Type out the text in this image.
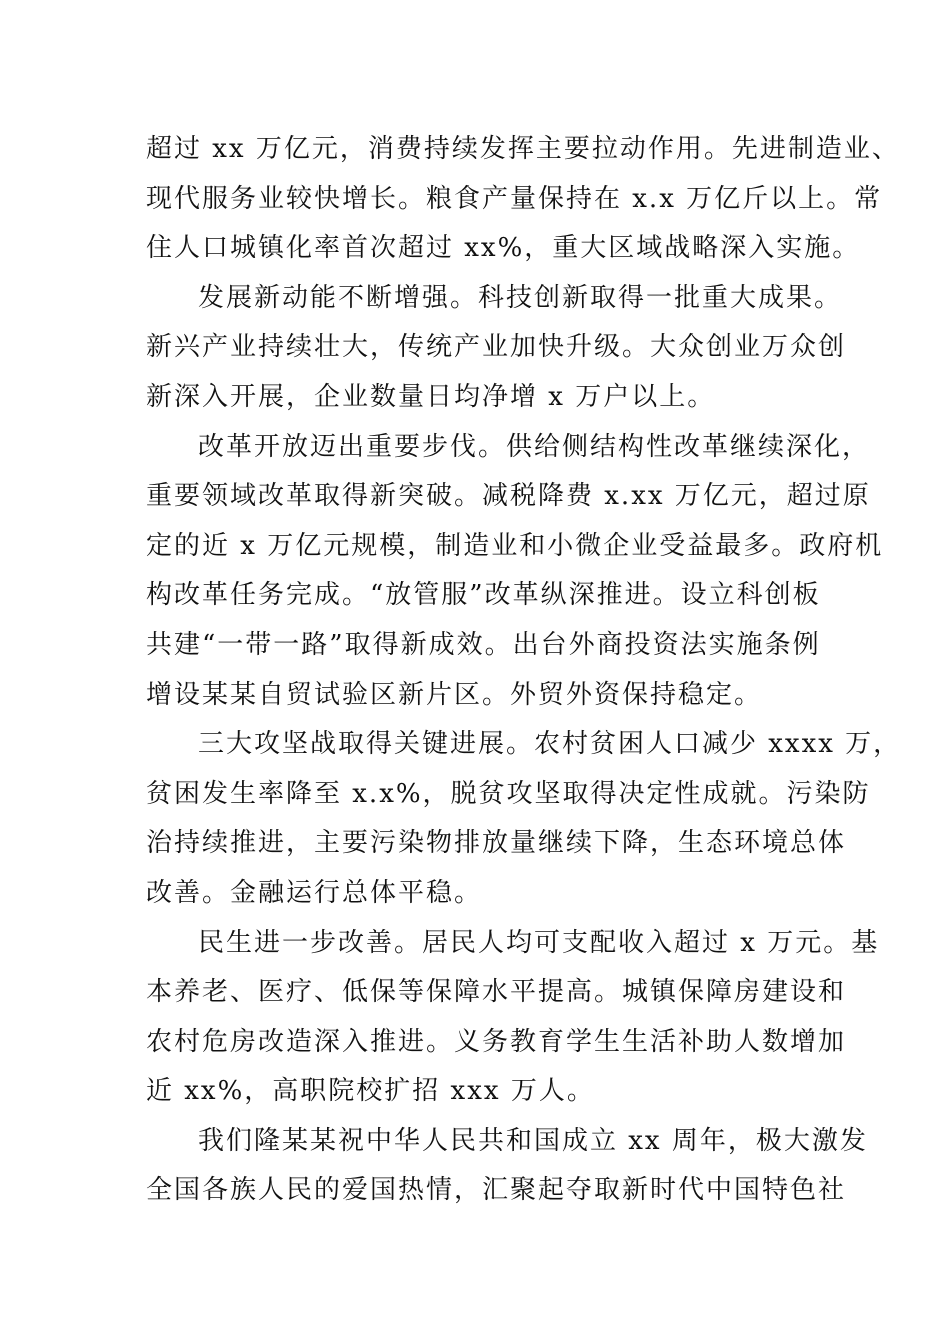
超过 xx 万亿元，消费持续发挥主要拉动作用。先进制造业、
现代服务业较快增长。粮食产量保持在 x.x 万亿斤以上。常
住人口城镇化率首次超过 xx%，重大区域战略深入实施。
发展新动能不断增强。科技创新取得一批重大成果。
新兴产业持续壮大，传统产业加快升级。大众创业万众创
新深入开展，企业数量日均净增 x 万户以上。
改革开放迈出重要步伐。供给侧结构性改革继续深化，
重要领域改革取得新突破。减税降费 x.xx 万亿元，超过原
定的近 x 万亿元规模，制造业和小微企业受益最多。政府机
构改革任务完成。“放管服”改革纵深推进。设立科创板
共建“一带一路”取得新成效。出台外商投资法实施条例
增设某某自贸试验区新片区。外贸外资保持稳定。
三大攻坚战取得关键进展。农村贫困人口减少 xxxx 万，
贫困发生率降至 x.x%，脱贫攻坚取得决定性成就。污染防
治持续推进，主要污染物排放量继续下降，生态环境总体
改善。金融运行总体平稳。
民生进一步改善。居民人均可支配收入超过 x 万元。基
本养老、医疗、低保等保障水平提高。城镇保障房建设和
农村危房改造深入推进。义务教育学生生活补助人数增加
近 xx%，高职院校扩招 xxx 万人。
我们隆某某祝中华人民共和国成立 xx 周年，极大激发
全国各族人民的爱国热情，汇聚起夺取新时代中国特色社
